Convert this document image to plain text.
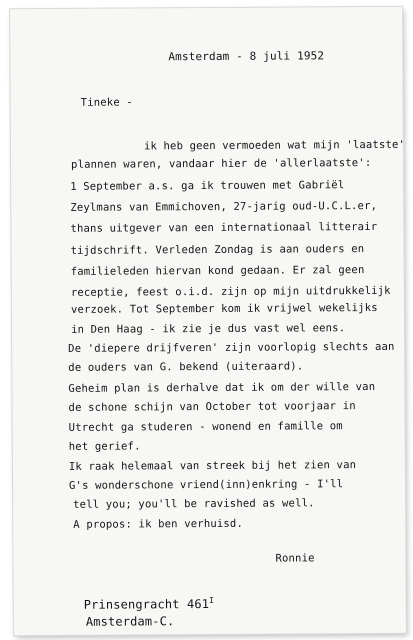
Amsterdam - 8 juli 1952
Tineke -
ik heb geen vermoeden wat mijn 'laatste'
plannen waren, vandaar hier de 'allerlaatste':
1 September a.s. ga ik trouwen met Gabriël
Zeylmans van Emmichoven, 27-jarig oud-U.C.L.er,
thans uitgever van een internationaal litterair
tijdschrift. Verleden Zondag is aan ouders en
familieleden hiervan kond gedaan. Er zal geen
receptie, feest o.i.d. zijn op mijn uitdrukkelijk
verzoek. Tot September kom ik vrijwel wekelijks
in Den Haag - ik zie je dus vast wel eens.
De 'diepere drijfveren' zijn voorlopig slechts aan
de ouders van G. bekend (uiteraard).
Geheim plan is derhalve dat ik om der wille van
de schone schijn van October tot voorjaar in
Utrecht ga studeren - wonend en famille om
het gerief.
Ik raak helemaal van streek bij het zien van
G's wonderschone vriend(inn)enkring - I'll
tell you; you'll be ravished as well.
A propos: ik ben verhuisd.
Ronnie
Prinsengracht $461^I$
Amsterdam-C.
